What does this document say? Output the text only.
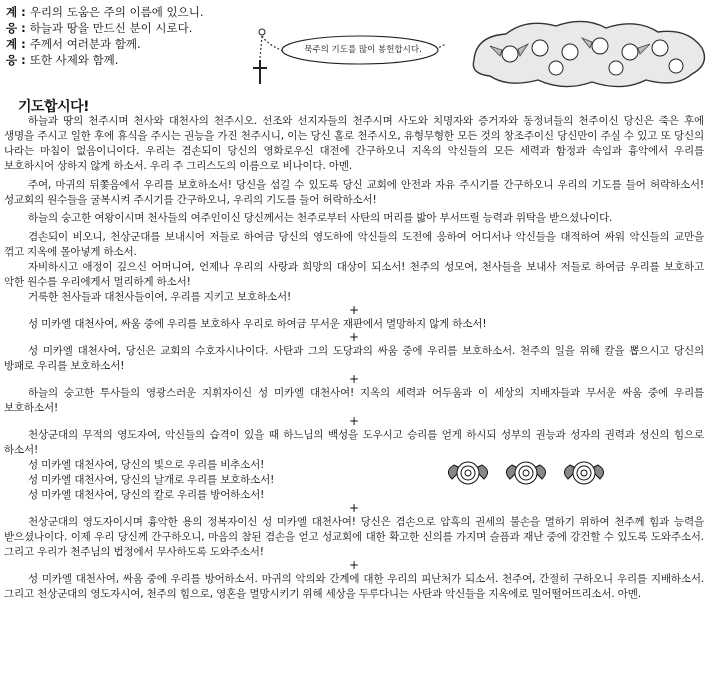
계 : 우리의 도움은 주의 이름에 있으니.
응 : 하늘과 땅을 만드신 분이 시로다.
계 : 주께서 여러분과 함께.
응 : 또한 사제와 함께.
묵주의 기도를 많이 봉헌합시다.
기도합시다!

하늘과 땅의 천주시며 천사와 대천사의 천주시오. 선조와 선지자들의 천주시며 사도와 치명자와 증거자와 동정녀들의 천주이신 당신은 죽은 후에 생명을 주시고 일한 후에 휴식을 주시는 권능을 가진 천주시니, 이는 당신 홀로 천주시오, 유형무형한 모든 것의 창조주이신 당신만이 주실 수 있고 또 당신의 나라는 마침이 없음이니이다. 우리는 겸손되이 당신의 영화로우신 대전에 간구하오니 지옥의 악신들의 모든 세력과 함정과 속임과 흉악에서 우리를 보호하시어 상하지 않게 하소서. 우리 주 그리스도의 이름으로 비나이다. 아멘.

주여, 마귀의 뒤쫓음에서 우리를 보호하소서! 당신을 섬길 수 있도록 당신 교회에 안전과 자유 주시기를 간구하오니 우리의 기도를 들어 허락하소서! 성교회의 원수들을 굴복시켜 주시기를 간구하오니, 우리의 기도를 들어 허락하소서!

하늘의 숭고한 여왕이시며 천사들의 여주인이신 당신께서는 천주로부터 사탄의 머리를 밟아 부서뜨릴 능력과 위탁을 받으셨나이다.

겸손되이 비오니, 천상군대를 보내시어 저들로 하여금 당신의 영도하에 악신들의 도전에 응하여 어디서나 악신들을 대적하여 싸워 악신들의 교만을 꺾고 지옥에 몰아넣게 하소서.

자비하시고 애정이 깊으신 어머니여, 언제나 우리의 사랑과 희망의 대상이 되소서! 천주의 성모여, 천사들을 보내사 저들로 하여금 우리를 보호하고 악한 원수를 우리에게서 멀리하게 하소서!

거룩한 천사들과 대천사들이여, 우리를 지키고 보호하소서!
+

성 미카엘 대천사여, 싸움 중에 우리를 보호하사 우리로 하여금 무서운 재판에서 멸망하지 않게 하소서!

+

성 미카엘 대천사여, 당신은 교회의 수호자시나이다. 사탄과 그의 도당과의 싸움 중에 우리를 보호하소서. 천주의 일을 위해 칼을 뽑으시고 당신의 방패로 우리를 보호하소서!

+

하늘의 숭고한 투사들의 영광스러운 지휘자이신 성 미카엘 대천사여! 지옥의 세력과 어두움과 이 세상의 지배자들과 무서운 싸움 중에 우리를 보호하소서!

+

천상군대의 무적의 영도자여, 악신들의 습격이 있을 때 하느님의 백성을 도우시고 승리를 얻게 하시되 성부의 권능과 성자의 권력과 성신의 힘으로 하소서!

성 미카엘 대천사여, 당신의 빛으로 우리를 비추소서!
성 미카엘 대천사여, 당신의 날개로 우리를 보호하소서!
성 미카엘 대천사여, 당신의 칼로 우리를 방어하소서!
+

천상군대의 영도자이시며 흉악한 용의 정복자이신 성 미카엘 대천사여! 당신은 겸손으로 암흑의 권세의 불손을 멸하기 위하여 천주께 힘과 능력을 받으셨나이다. 이제 우리 당신께 간구하오니, 마음의 참된 겸손을 얻고 성교회에 대한 확고한 신의를 가지며 슬픔과 재난 중에 강건할 수 있도록 도와주소서. 그리고 우리가 천주님의 법정에서 무사하도록 도와주소서!

+

성 미카엘 대천사여, 싸움 중에 우리를 방어하소서. 마귀의 악의와 간계에 대한 우리의 피난처가 되소서. 천주여, 간절히 구하오니 우리를 지배하소서. 그리고 천상군대의 영도자시여, 천주의 힘으로, 영혼을 멸망시키기 위해 세상을 두루다니는 사탄과 악신들을 지옥에로 밀어떨어뜨리소서. 아멘.
